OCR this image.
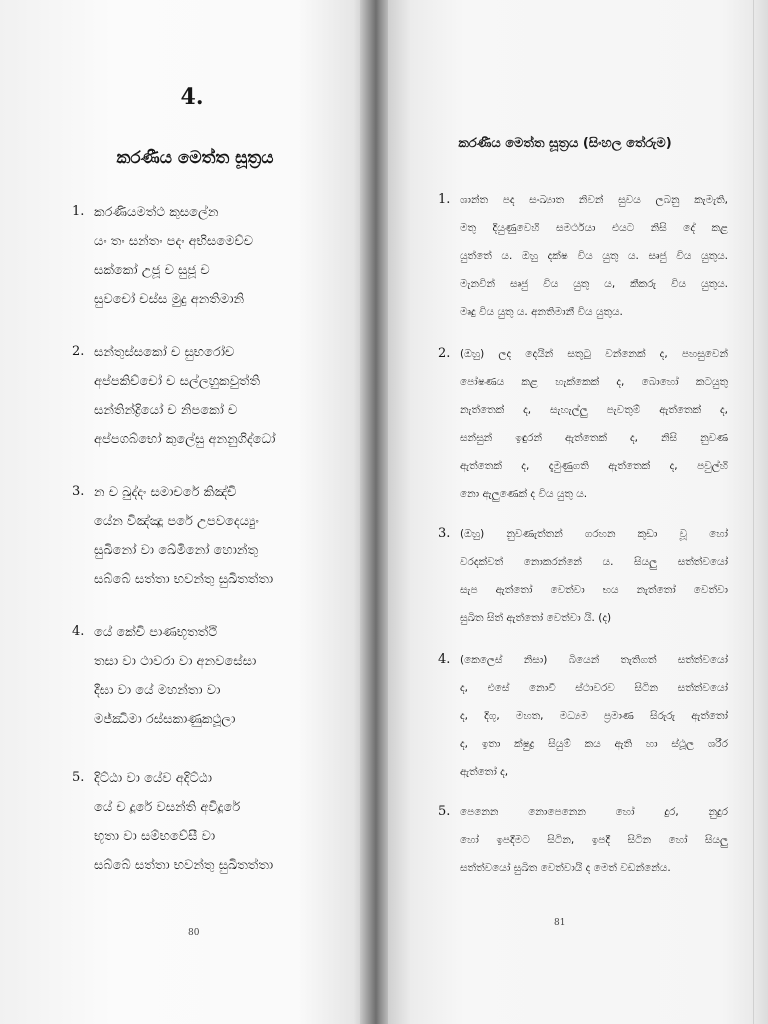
4.
කරණීය මෙත්ත සූත්‍රය
1. කරණියමත්ථ කුසලේන
යං තං සන්තං පදං අභිසමෙච්ච
සක්කෝ උජූ ච සුජූ ච
සුවචෝ චස්ස මුදු අනතිමානි
2. සන්තුස්සකෝ ච සුභරෝච
අප්පකිච්චෝ ච සල්ලහුකවුත්ති
සන්තින්ද්‍රියෝ ච නිපකෝ ච
අප්පගබ්භෝ කුලේසු අනනුගිද්ධෝ
3. න ච ඛුද්දං සමාචරේ කිඤ්චි
යේන විඤ්ඤූ පරේ උපවදෙය්‍යුං
සුඛිනෝ වා ඛේමිනෝ හොන්තු
සබ්බේ සත්තා භවන්තු සුඛිතත්තා
4. යේ කේචි පාණභූතත්ථි
තසා වා ථාවරා වා අනවසේසා
දීඝා වා යේ මහන්තා වා
මජ්ඣිමා රස්සකාණුකථූලා
5. දිට්ඨා වා යේව අදිට්ඨා
යේ ච දූරේ වසන්ති අවිදූරේ
භූතා වා සම්භවේසී වා
සබ්බේ සත්තා භවන්තු සුඛිතත්තා
80
කරණීය මෙත්ත සූත්‍රය (සිංහල තේරුම)
1. ශාන්ත පද සංඛ්‍යාත නිවන් සුවය ලබනු කැමැති,
මතු දියුණුවෙහි සමර්ථයා එයට නිසි දේ කළ
යුත්තේ ය. ඔහු දක්ෂ විය යුතු ය. සෘජු විය යුතුය.
මැනවින් සෘජු විය යුතු ය, කීකරු විය යුතුය.
මෘදු විය යුතු ය. අනතිමානී විය යුතුය.
2. (ඔහු) ලද දෙයින් සතුටු වන්නෙක් ද, පහසුවෙන්
පෝෂණය කළ හැක්කෙක් ද, බොහෝ කටයුතු
නැත්තෙක් ද, සැහැල්ලු පැවතුම් ඇත්තෙක් ද,
සන්සුන් ඉඳුරන් ඇත්තෙක් ද, නිසි නුවණ
ඇත්තෙක් ද, දැමුණුගති ඇත්තෙක් ද, පවුල්හි
නො ඇලුණෙක් ද විය යුතු ය.
3. (ඔහු) නුවණැත්තන් ගරහන කුඩා වූ හෝ
වරදක්වත් නොකරන්නේ ය. සියලු සත්ත්වයෝ
සැප ඇත්තෝ වෙත්වා භය නැත්තෝ වෙත්වා
සුඛිත සිත් ඇත්තෝ වෙත්වා යි. (ද)
4. (කෙලෙස් නිසා) බියෙන් තැතිගත් සත්ත්වයෝ
ද, එසේ නොවී ස්ථාවරව සිටින සත්ත්වයෝ
ද, දිගු, මහත, මධ්‍යම ප්‍රමාණ සිරුරු ඇත්තෝ
ද, ඉතා ක්ෂුද්‍ර සියුම් කය ඇති හා ස්ථූල ශරීර
ඇත්තෝ ද,
5. පෙනෙන නොපෙනෙන හෝ දුර, නුදුර
හෝ ඉපදීමට සිටින, ඉපදී සිටින හෝ සියලු
සත්ත්වයෝ සුඛිත වෙත්වායි ද මෙත් වඩන්නේය.
81
